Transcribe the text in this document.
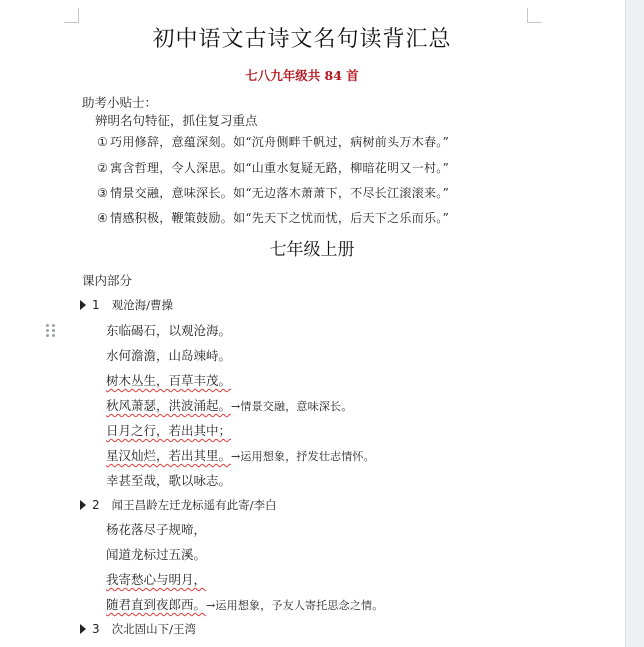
初中语文古诗文名句读背汇总
七八九年级共 84 首
助考小贴士：
辨明名句特征，抓住复习重点
① 巧用修辞，意蕴深刻。如“沉舟侧畔千帆过，病树前头万木春。”
② 寓含哲理，令人深思。如“山重水复疑无路，柳暗花明又一村。”
③ 情景交融，意味深长。如“无边落木萧萧下，不尽长江滚滚来。”
④ 情感积极，鞭策鼓励。如“先天下之忧而忧，后天下之乐而乐。”
七年级上册
课内部分
1 观沧海/曹操
东临碣石，以观沧海。
水何澹澹，山岛竦峙。
树木丛生，百草丰茂。
秋风萧瑟，洪波涌起。→情景交融，意味深长。
日月之行，若出其中；
星汉灿烂，若出其里。→运用想象，抒发壮志情怀。
幸甚至哉，歌以咏志。
2 闻王昌龄左迁龙标遥有此寄/李白
杨花落尽子规啼，
闻道龙标过五溪。
我寄愁心与明月，
随君直到夜郎西。→运用想象，予友人寄托思念之情。
3 次北固山下/王湾
